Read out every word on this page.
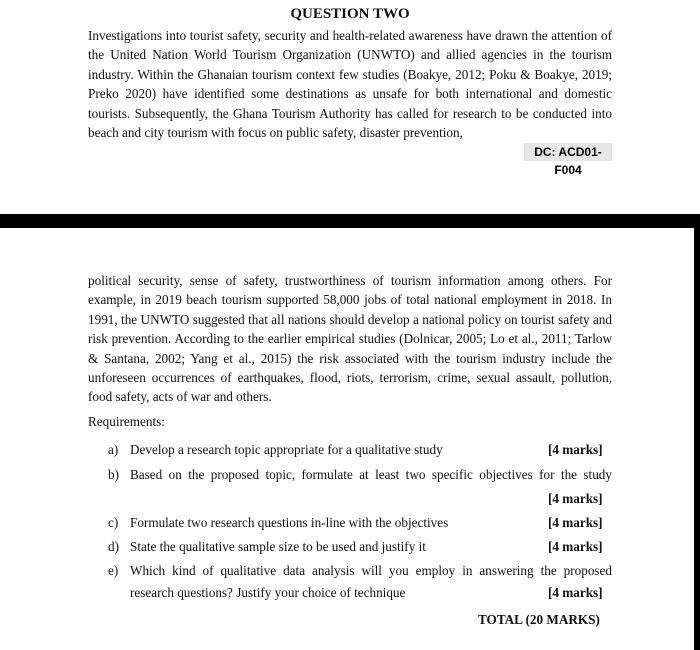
QUESTION TWO

Investigations into tourist safety, security and health-related awareness have drawn the attention of the United Nation World Tourism Organization (UNWTO) and allied agencies in the tourism industry. Within the Ghanaian tourism context few studies (Boakye, 2012; Poku & Boakye, 2019; Preko 2020) have identified some destinations as unsafe for both international and domestic tourists. Subsequently, the Ghana Tourism Authority has called for research to be conducted into beach and city tourism with focus on public safety, disaster prevention,

DC: ACD01-F004

political security, sense of safety, trustworthiness of tourism information among others. For example, in 2019 beach tourism supported 58,000 jobs of total national employment in 2018. In 1991, the UNWTO suggested that all nations should develop a national policy on tourist safety and risk prevention. According to the earlier empirical studies (Dolnicar, 2005; Lo et al., 2011; Tarlow & Santana, 2002; Yang et al., 2015) the risk associated with the tourism industry include the unforeseen occurrences of earthquakes, flood, riots, terrorism, crime, sexual assault, pollution, food safety, acts of war and others.

Requirements:
a) Develop a research topic appropriate for a qualitative study	[4 marks]
b) Based on the proposed topic, formulate at least two specific objectives for the study
[4 marks]
c) Formulate two research questions in-line with the objectives	[4 marks]
d) State the qualitative sample size to be used and justify it	[4 marks]
e) Which kind of qualitative data analysis will you employ in answering the proposed
research questions? Justify your choice of technique	[4 marks]
TOTAL (20 MARKS)
